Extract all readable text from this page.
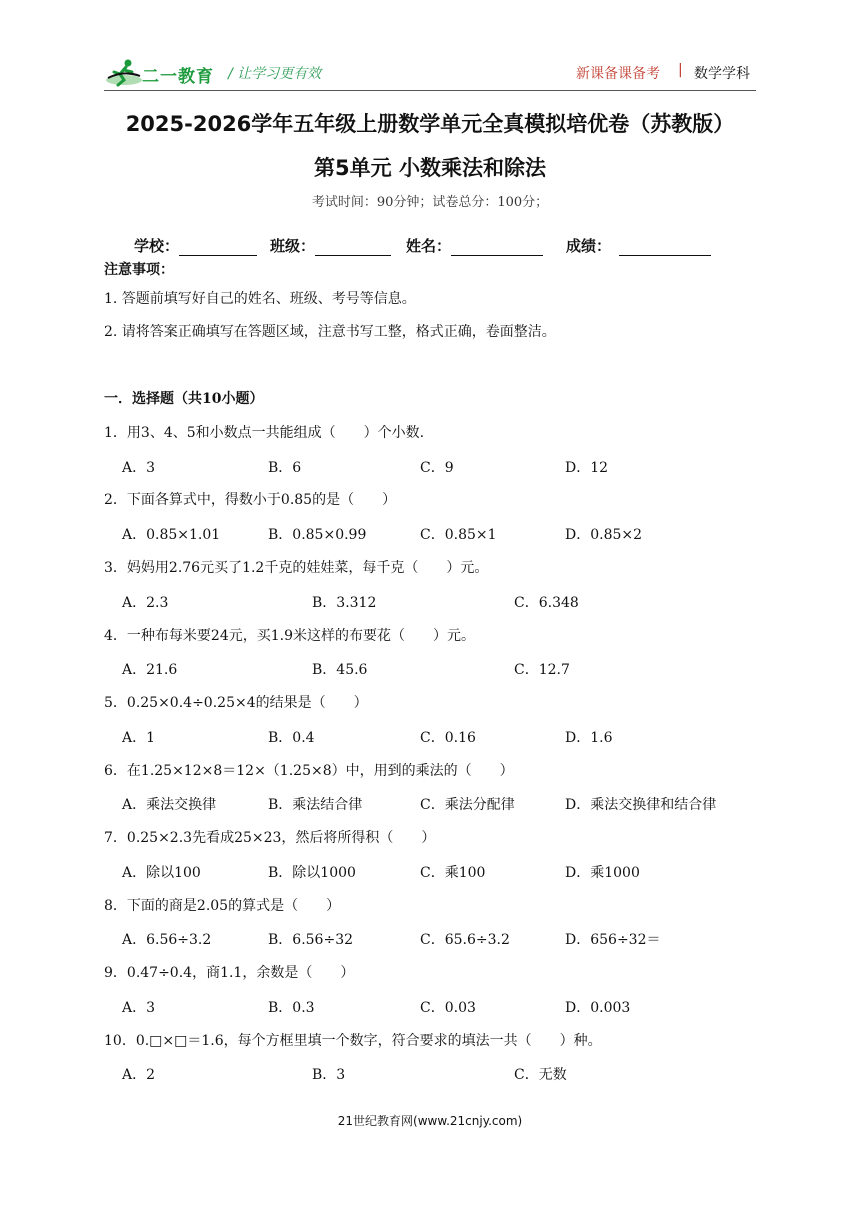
二一教育 / 让学习更有效	新课备课备考 | 数学学科
2025-2026学年五年级上册数学单元全真模拟培优卷（苏教版）
第5单元 小数乘法和除法
考试时间：90分钟；试卷总分：100分；
学校：	班级：	姓名：	成绩：
注意事项：
1. 答题前填写好自己的姓名、班级、考号等信息。
2. 请将答案正确填写在答题区域，注意书写工整，格式正确，卷面整洁。
一．选择题（共10小题）
1．用3、4、5和小数点一共能组成（　　）个小数.
A．3	B．6	C．9	D．12
2．下面各算式中，得数小于0.85的是（　　）
A．0.85×1.01	B．0.85×0.99	C．0.85×1	D．0.85×2
3．妈妈用2.76元买了1.2千克的娃娃菜，每千克（　　）元。
A．2.3	B．3.312	C．6.348
4．一种布每米要24元，买1.9米这样的布要花（　　）元。
A．21.6	B．45.6	C．12.7
5．0.25×0.4÷0.25×4的结果是（　　）
A．1	B．0.4	C．0.16	D．1.6
6．在1.25×12×8＝12×（1.25×8）中，用到的乘法的（　　）
A．乘法交换律	B．乘法结合律	C．乘法分配律	D．乘法交换律和结合律
7．0.25×2.3先看成25×23，然后将所得积（　　）
A．除以100	B．除以1000	C．乘100	D．乘1000
8．下面的商是2.05的算式是（　　）
A．6.56÷3.2	B．6.56÷32	C．65.6÷3.2	D．656÷32＝
9．0.47÷0.4，商1.1，余数是（　　）
A．3	B．0.3	C．0.03	D．0.003
10．0.□×□＝1.6，每个方框里填一个数字，符合要求的填法一共（　　）种。
A．2	B．3	C．无数
21世纪教育网(www.21cnjy.com)
